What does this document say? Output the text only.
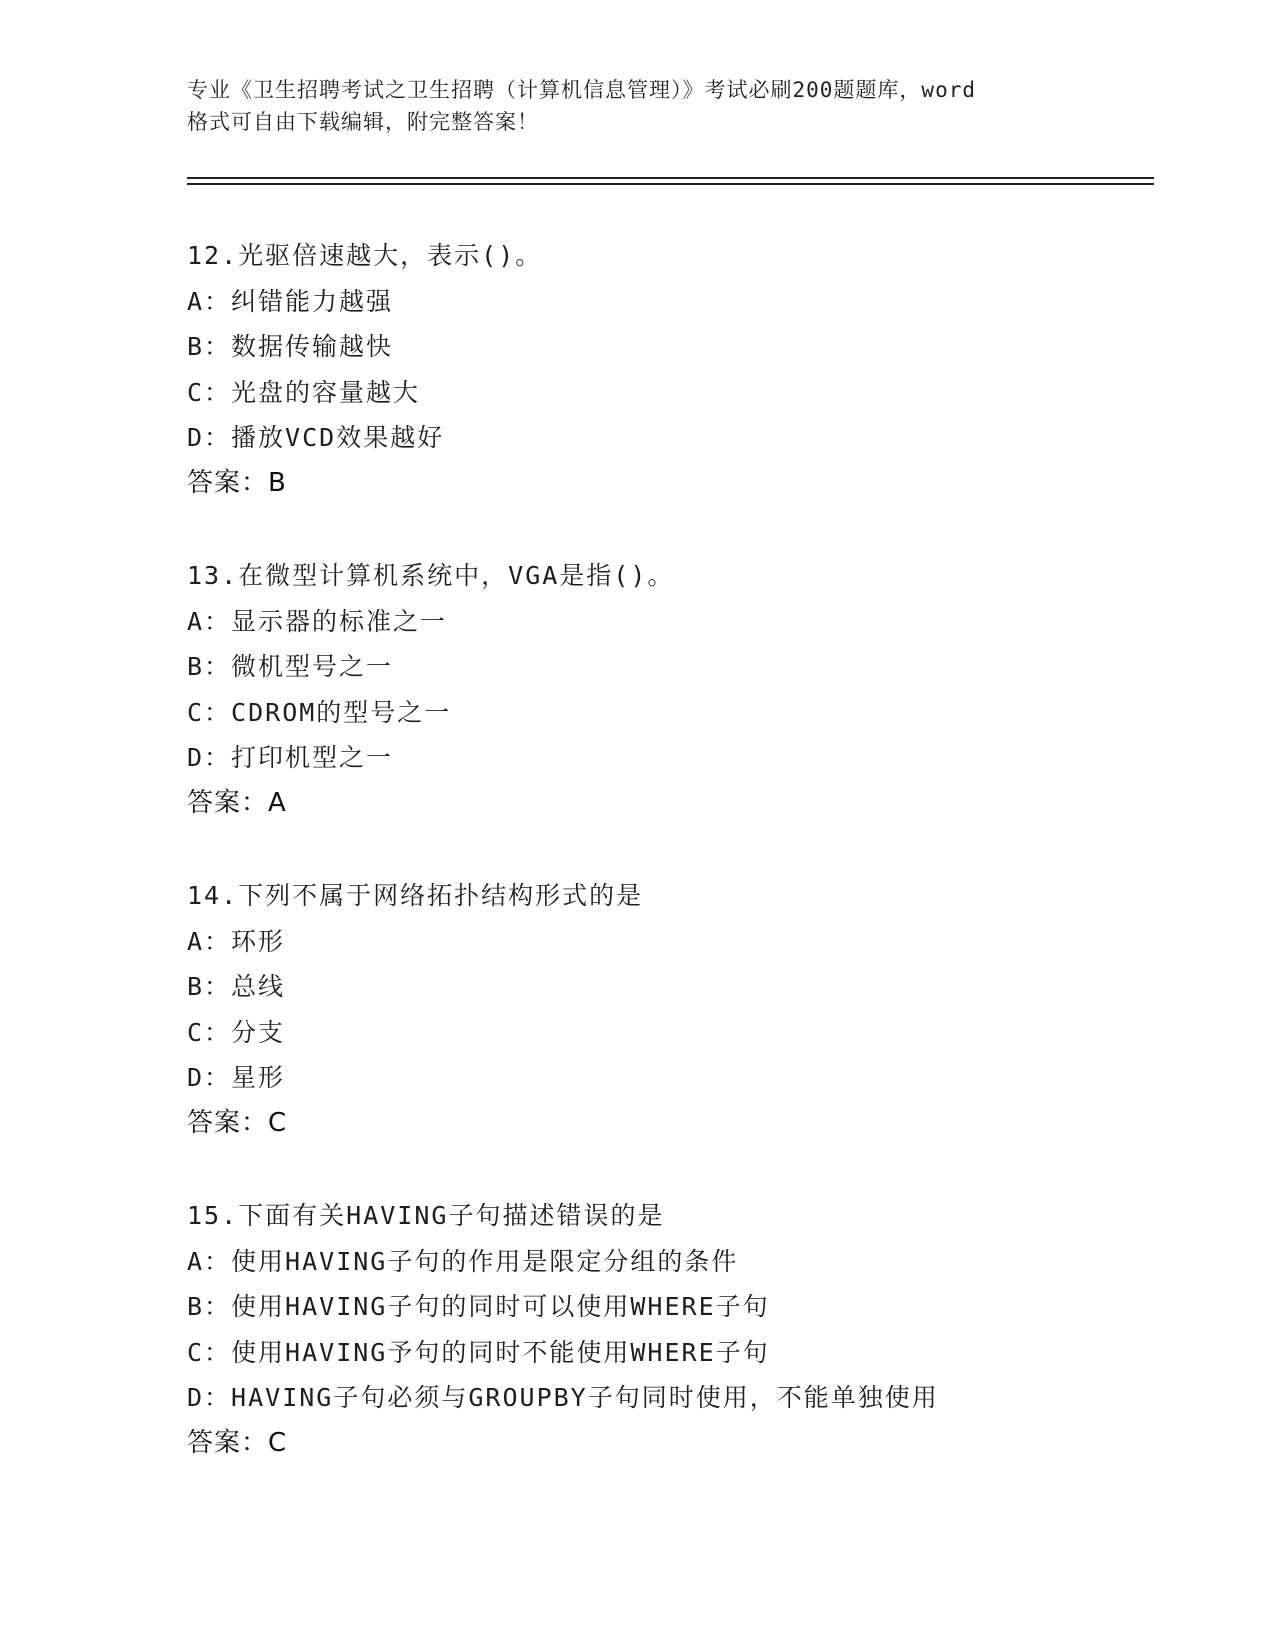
专业《卫生招聘考试之卫生招聘（计算机信息管理）》考试必刷200题题库，word
格式可自由下载编辑，附完整答案！
12.光驱倍速越大，表示()。
A：纠错能力越强
B：数据传输越快
C：光盘的容量越大
D：播放VCD效果越好
答案：B
13.在微型计算机系统中，VGA是指()。
A：显示器的标准之一
B：微机型号之一
C：CDROM的型号之一
D：打印机型之一
答案：A
14.下列不属于网络拓扑结构形式的是
A：环形
B：总线
C：分支
D：星形
答案：C
15.下面有关HAVING子句描述错误的是
A：使用HAVING子句的作用是限定分组的条件
B：使用HAVING子句的同时可以使用WHERE子句
C：使用HAVING予句的同时不能使用WHERE子句
D：HAVING子句必须与GROUPBY子句同时使用，不能单独使用
答案：C
